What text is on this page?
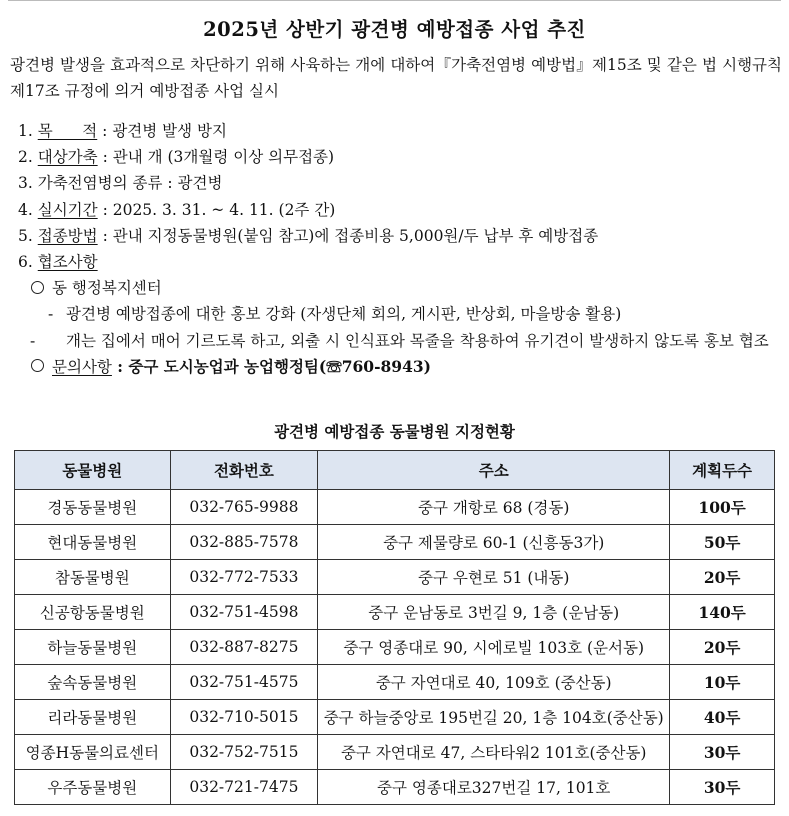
2025년 상반기 광견병 예방접종 사업 추진
광견병 발생을 효과적으로 차단하기 위해 사육하는 개에 대하여『가축전염병 예방법』제15조 및 같은 법 시행규칙 제17조 규정에 의거 예방접종 사업 실시
1. 목      적 : 광견병 발생 방지
2. 대상가축 : 관내 개 (3개월령 이상 의무접종)
3. 가축전염병의 종류 : 광견병
4. 실시기간 : 2025. 3. 31. ~ 4. 11. (2주 간)
5. 접종방법 : 관내 지정동물병원(붙임 참고)에 접종비용 5,000원/두 납부 후 예방접종
6. 협조사항
동 행정복지센터
- 광견병 예방접종에 대한 홍보 강화 (자생단체 회의, 게시판, 반상회, 마을방송 활용)
- 개는 집에서 매어 기르도록 하고, 외출 시 인식표와 목줄을 착용하여 유기견이 발생하지 않도록 홍보 협조
문의사항 : 중구 도시농업과 농업행정팀(☏760-8943)
광견병 예방접종 동물병원 지정현황
동물병원	전화번호	주소	계획두수
경동동물병원	032-765-9988	중구 개항로 68 (경동)	100두
현대동물병원	032-885-7578	중구 제물량로 60-1 (신흥동3가)	50두
참동물병원	032-772-7533	중구 우현로 51 (내동)	20두
신공항동물병원	032-751-4598	중구 운남동로 3번길 9, 1층 (운남동)	140두
하늘동물병원	032-887-8275	중구 영종대로 90, 시에로빌 103호 (운서동)	20두
숲속동물병원	032-751-4575	중구 자연대로 40, 109호 (중산동)	10두
리라동물병원	032-710-5015	중구 하늘중앙로 195번길 20, 1층 104호(중산동)	40두
영종H동물의료센터	032-752-7515	중구 자연대로 47, 스타타워2 101호(중산동)	30두
우주동물병원	032-721-7475	중구 영종대로327번길 17, 101호	30두
